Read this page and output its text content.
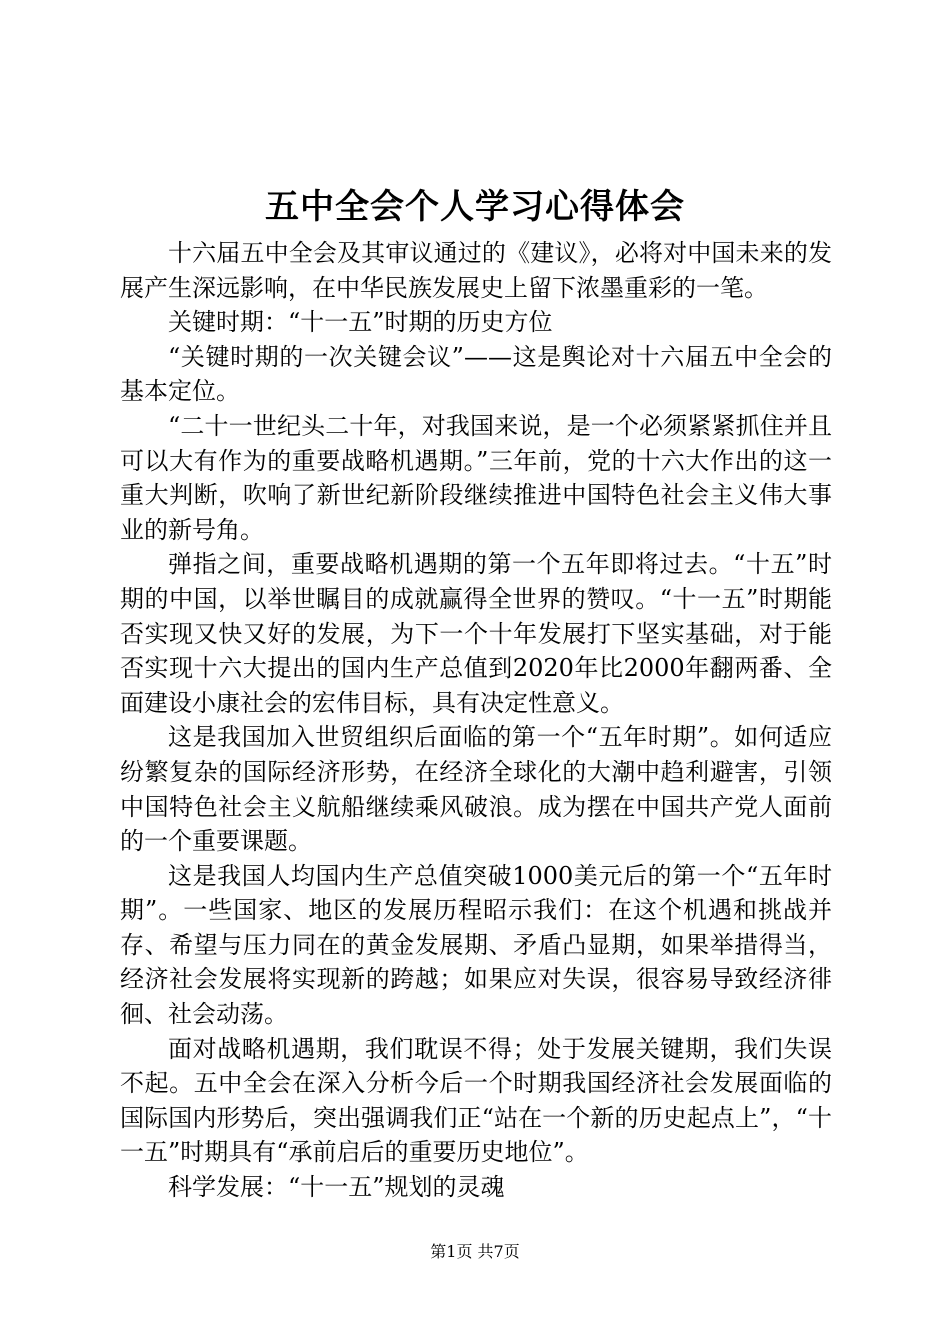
五中全会个人学习心得体会

十六届五中全会及其审议通过的《建议》，必将对中国未来的发展产生深远影响，在中华民族发展史上留下浓墨重彩的一笔。

关键时期：“十一五”时期的历史方位

“关键时期的一次关键会议”——这是舆论对十六届五中全会的基本定位。

“二十一世纪头二十年，对我国来说，是一个必须紧紧抓住并且可以大有作为的重要战略机遇期。”三年前，党的十六大作出的这一重大判断，吹响了新世纪新阶段继续推进中国特色社会主义伟大事业的新号角。

弹指之间，重要战略机遇期的第一个五年即将过去。“十五”时期的中国，以举世瞩目的成就赢得全世界的赞叹。“十一五”时期能否实现又快又好的发展，为下一个十年发展打下坚实基础，对于能否实现十六大提出的国内生产总值到2020年比2000年翻两番、全面建设小康社会的宏伟目标，具有决定性意义。

这是我国加入世贸组织后面临的第一个“五年时期”。如何适应纷繁复杂的国际经济形势，在经济全球化的大潮中趋利避害，引领中国特色社会主义航船继续乘风破浪。成为摆在中国共产党人面前的一个重要课题。

这是我国人均国内生产总值突破1000美元后的第一个“五年时期”。一些国家、地区的发展历程昭示我们：在这个机遇和挑战并存、希望与压力同在的黄金发展期、矛盾凸显期，如果举措得当，经济社会发展将实现新的跨越；如果应对失误，很容易导致经济徘徊、社会动荡。

面对战略机遇期，我们耽误不得；处于发展关键期，我们失误不起。五中全会在深入分析今后一个时期我国经济社会发展面临的国际国内形势后，突出强调我们正“站在一个新的历史起点上”，“十一五”时期具有“承前启后的重要历史地位”。

科学发展：“十一五”规划的灵魂

第1页 共7页
